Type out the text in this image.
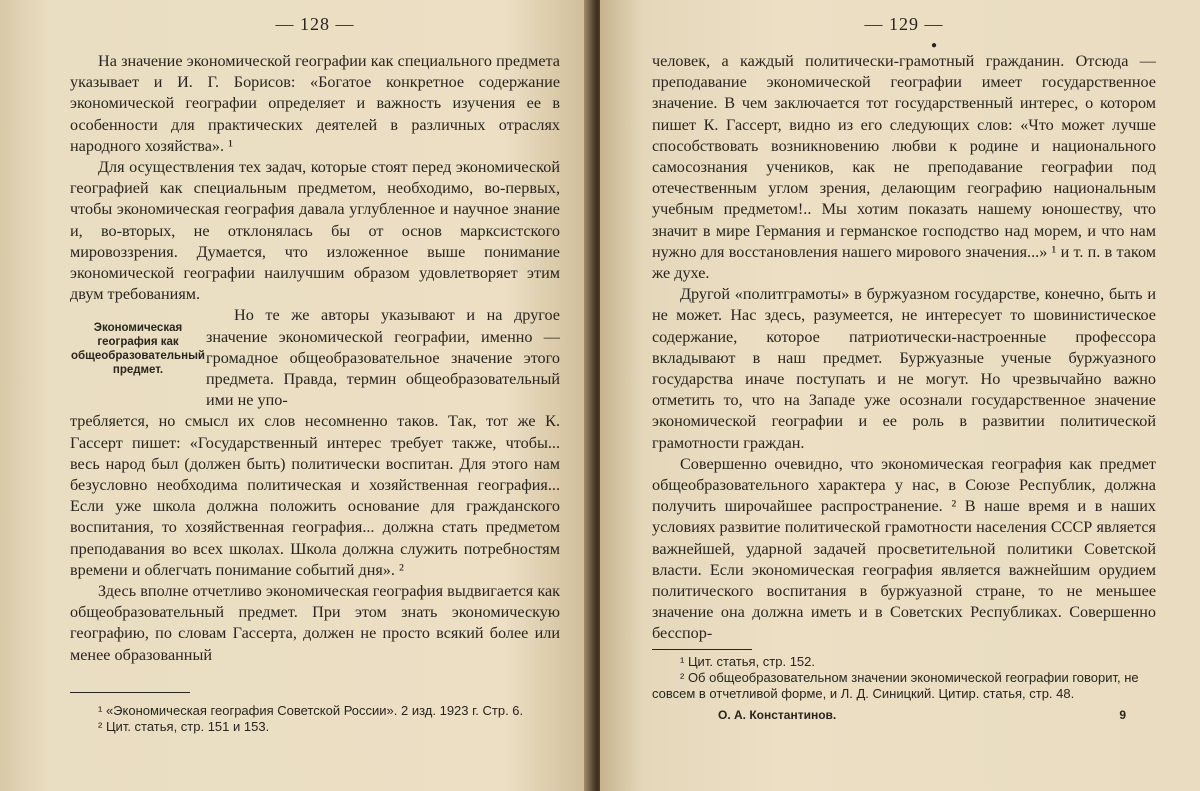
— 128 —

На значение экономической географии как специального предмета указывает и И. Г. Борисов: «Богатое конкретное содержание экономической географии определяет и важность изучения ее в особенности для практических деятелей в различных отраслях народного хозяйства». ¹

Для осуществления тех задач, которые стоят перед экономической географией как специальным предметом, необходимо, во-первых, чтобы экономическая география давала углубленное и научное знание и, во-вторых, не отклонялась бы от основ марксистского мировоззрения. Думается, что изложенное выше понимание экономической географии наилучшим образом удовлетворяет этим двум требованиям.

Экономическая география как общеобразовательный предмет.

Но те же авторы указывают и на другое значение экономической географии, именно — громадное общеобразовательное значение этого предмета. Правда, термин общеобразовательный ими не упо-

требляется, но смысл их слов несомненно таков. Так, тот же К. Гассерт пишет: «Государственный интерес требует также, чтобы... весь народ был (должен быть) политически воспитан. Для этого нам безусловно необходима политическая и хозяйственная география... Если уже школа должна положить основание для гражданского воспитания, то хозяйственная география... должна стать предметом преподавания во всех школах. Школа должна служить потребностям времени и облегчать понимание событий дня». ²

Здесь вполне отчетливо экономическая география выдвигается как общеобразовательный предмет. При этом знать экономическую географию, по словам Гассерта, должен не просто всякий более или менее образованный

¹ «Экономическая география Советской России». 2 изд. 1923 г. Стр. 6.
² Цит. статья, стр. 151 и 153.
— 129 —
●

человек, а каждый политически-грамотный гражданин. Отсюда — преподавание экономической географии имеет государственное значение. В чем заключается тот государственный интерес, о котором пишет К. Гассерт, видно из его следующих слов: «Что может лучше способствовать возникновению любви к родине и национального самосознания учеников, как не преподавание географии под отечественным углом зрения, делающим географию национальным учебным предметом!.. Мы хотим показать нашему юношеству, что значит в мире Германия и германское господство над морем, и что нам нужно для восстановления нашего мирового значения...» ¹ и т. п. в таком же духе.

Другой «политграмоты» в буржуазном государстве, конечно, быть и не может. Нас здесь, разумеется, не интересует то шовинистическое содержание, которое патриотически-настроенные профессора вкладывают в наш предмет. Буржуазные ученые буржуазного государства иначе поступать и не могут. Но чрезвычайно важно отметить то, что на Западе уже осознали государственное значение экономической географии и ее роль в развитии политической грамотности граждан.

Совершенно очевидно, что экономическая география как предмет общеобразовательного характера у нас, в Союзе Республик, должна получить широчайшее распространение. ² В наше время и в наших условиях развитие политической грамотности населения СССР является важнейшей, ударной задачей просветительной политики Советской власти. Если экономическая география является важнейшим орудием политического воспитания в буржуазной стране, то не меньшее значение она должна иметь и в Советских Республиках. Совершенно бесспор-

¹ Цит. статья, стр. 152.
² Об общеобразовательном значении экономической географии говорит, не совсем в отчетливой форме, и Л. Д. Синицкий. Цитир. статья, стр. 48.
О. А. Константинов.	9
